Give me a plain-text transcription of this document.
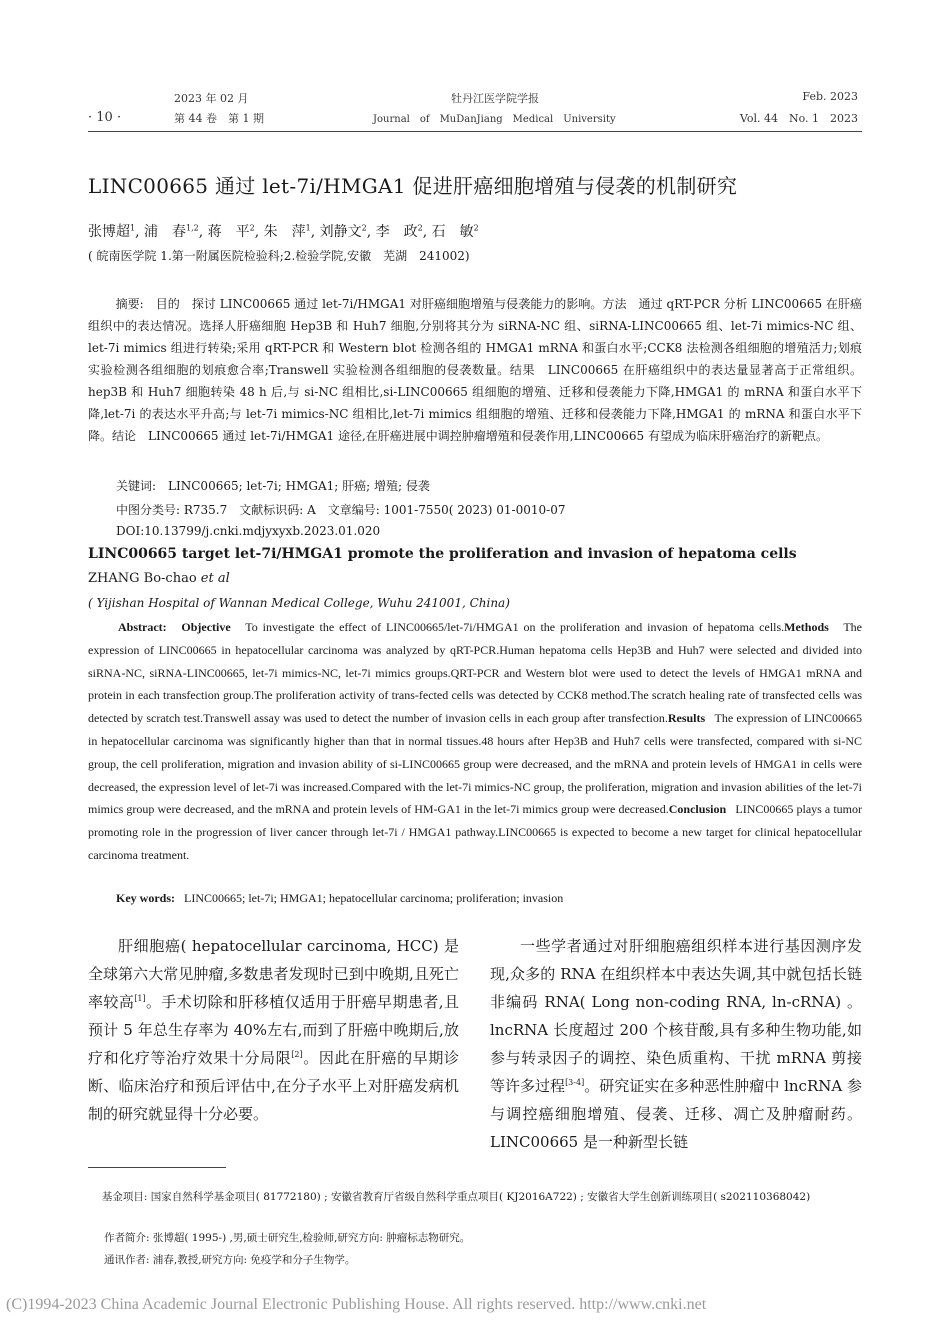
· 10 ·
2023 年 02 月
第 44 卷　第 1 期
牡丹江医学院学报
Journal　of　MuDanJiang　Medical　University
Feb. 2023
Vol. 44　No. 1　2023
LINC00665 通过 let-7i/HMGA1 促进肝癌细胞增殖与侵袭的机制研究
张博超$^1$, 浦　春$^{1,2}$, 蒋　平$^2$, 朱　萍$^1$, 刘静文$^2$, 李　政$^2$, 石　敏$^2$
( 皖南医学院 1.第一附属医院检验科;2.检验学院,安徽　芜湖　241002)
摘要:　目的　探讨 LINC00665 通过 let-7i/HMGA1 对肝癌细胞增殖与侵袭能力的影响。方法　通过 qRT-PCR 分析 LINC00665 在肝癌组织中的表达情况。选择人肝癌细胞 Hep3B 和 Huh7 细胞,分别将其分为 siRNA-NC 组、siRNA-LINC00665 组、let-7i mimics-NC 组、let-7i mimics 组进行转染;采用 qRT-PCR 和 Western blot 检测各组的 HMGA1 mRNA 和蛋白水平;CCK8 法检测各组细胞的增殖活力;划痕实验检测各组细胞的划痕愈合率;Transwell 实验检测各组细胞的侵袭数量。结果　LINC00665 在肝癌组织中的表达量显著高于正常组织。hep3B 和 Huh7 细胞转染 48 h 后,与 si-NC 组相比,si-LINC00665 组细胞的增殖、迁移和侵袭能力下降,HMGA1 的 mRNA 和蛋白水平下降,let-7i 的表达水平升高;与 let-7i mimics-NC 组相比,let-7i mimics 组细胞的增殖、迁移和侵袭能力下降,HMGA1 的 mRNA 和蛋白水平下降。结论　LINC00665 通过 let-7i/HMGA1 途径,在肝癌进展中调控肿瘤增殖和侵袭作用,LINC00665 有望成为临床肝癌治疗的新靶点。
关键词:　LINC00665; let-7i; HMGA1; 肝癌; 增殖; 侵袭
中图分类号: R735.7　文献标识码: A　文章编号: 1001-7550( 2023) 01-0010-07
DOI:10.13799/j.cnki.mdjyxyxb.2023.01.020
LINC00665 target let-7i/HMGA1 promote the proliferation and invasion of hepatoma cells
ZHANG Bo-chao et al
( Yijishan Hospital of Wannan Medical College, Wuhu 241001, China)
Abstract: Objective To investigate the effect of LINC00665/let-7i/HMGA1 on the proliferation and invasion of hepatoma cells.Methods The expression of LINC00665 in hepatocellular carcinoma was analyzed by qRT-PCR.Human hepatoma cells Hep3B and Huh7 were selected and divided into siRNA-NC, siRNA-LINC00665, let-7i mimics-NC, let-7i mimics groups.QRT-PCR and Western blot were used to detect the levels of HMGA1 mRNA and protein in each transfection group.The proliferation activity of trans-fected cells was detected by CCK8 method.The scratch healing rate of transfected cells was detected by scratch test.Transwell assay was used to detect the number of invasion cells in each group after transfection.Results The expression of LINC00665 in hepatocellular carcinoma was significantly higher than that in normal tissues.48 hours after Hep3B and Huh7 cells were transfected, compared with si-NC group, the cell proliferation, migration and invasion ability of si-LINC00665 group were decreased, and the mRNA and protein levels of HMGA1 in cells were decreased, the expression level of let-7i was increased.Compared with the let-7i mimics-NC group, the proliferation, migration and invasion abilities of the let-7i mimics group were decreased, and the mRNA and protein levels of HM-GA1 in the let-7i mimics group were decreased.Conclusion LINC00665 plays a tumor promoting role in the progression of liver cancer through let-7i / HMGA1 pathway.LINC00665 is expected to become a new target for clinical hepatocellular carcinoma treatment.
Key words: LINC00665; let-7i; HMGA1; hepatocellular carcinoma; proliferation; invasion
肝细胞癌( hepatocellular carcinoma, HCC) 是全球第六大常见肿瘤,多数患者发现时已到中晚期,且死亡率较高[1]。手术切除和肝移植仅适用于肝癌早期患者,且预计 5 年总生存率为 40%左右,而到了肝癌中晚期后,放疗和化疗等治疗效果十分局限[2]。因此在肝癌的早期诊断、临床治疗和预后评估中,在分子水平上对肝癌发病机制的研究就显得十分必要。
一些学者通过对肝细胞癌组织样本进行基因测序发现,众多的 RNA 在组织样本中表达失调,其中就包括长链非编码 RNA( Long non-coding RNA, ln-cRNA) 。lncRNA 长度超过 200 个核苷酸,具有多种生物功能,如参与转录因子的调控、染色质重构、干扰 mRNA 剪接等许多过程[3-4]。研究证实在多种恶性肿瘤中 lncRNA 参与调控癌细胞增殖、侵袭、迁移、凋亡及肿瘤耐药。LINC00665 是一种新型长链
基金项目: 国家自然科学基金项目( 81772180) ; 安徽省教育厅省级自然科学重点项目( KJ2016A722) ; 安徽省大学生创新训练项目( s202110368042)
作者简介: 张博超( 1995-) ,男,硕士研究生,检验师,研究方向: 肿瘤标志物研究。
通讯作者: 浦春,教授,研究方向: 免疫学和分子生物学。
(C)1994-2023 China Academic Journal Electronic Publishing House. All rights reserved. http://www.cnki.net
